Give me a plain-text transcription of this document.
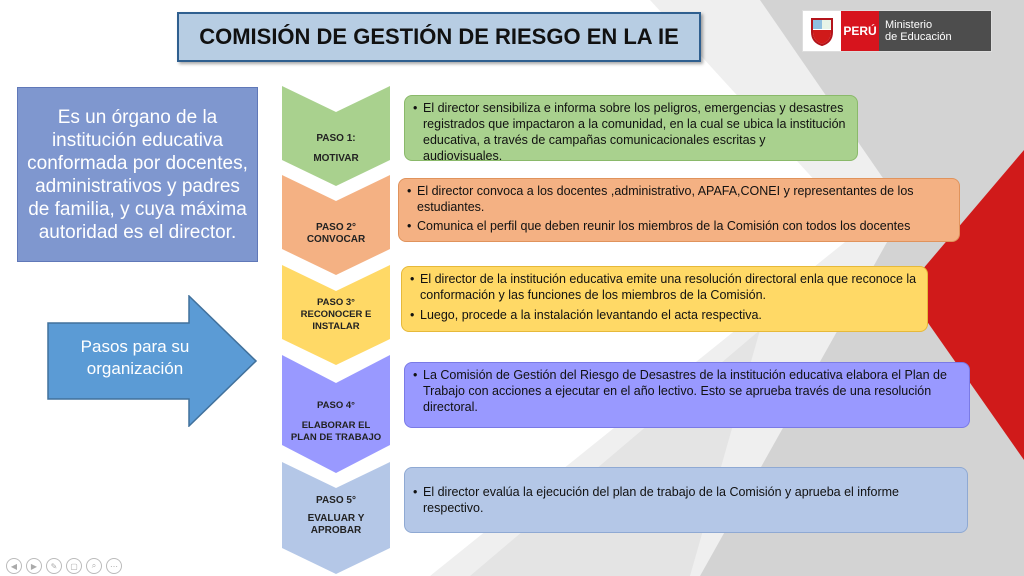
COMISIÓN DE GESTIÓN DE RIESGO EN LA IE	PERÚ Ministerio
de Educación
Es un órgano de la institución educativa conformada por docentes, administrativos y padres de familia, y cuya máxima autoridad es el director.
Pasos para su organización
PASO 1:
MOTIVAR
• El director sensibiliza e informa sobre los peligros, emergencias y desastres registrados que impactaron a la comunidad, en la cual se ubica la institución educativa, a través de campañas comunicacionales escritas y audiovisuales.
PASO 2°
CONVOCAR
• El director convoca a los docentes ,administrativo, APAFA,CONEI y representantes de los estudiantes.
• Comunica el perfil que deben reunir los miembros de la Comisión con todos los docentes
PASO 3°
RECONOCER E INSTALAR
• El director de la institución educativa emite una resolución directoral enla que reconoce la conformación y las funciones de los miembros de la Comisión.
• Luego, procede a la instalación levantando el acta respectiva.
PASO 4°
ELABORAR EL PLAN DE TRABAJO
• La Comisión de Gestión del Riesgo de Desastres de la institución educativa elabora el Plan de Trabajo con acciones a ejecutar en el año lectivo. Esto se aprueba través de una resolución directoral.
PASO 5°
EVALUAR Y APROBAR
• El director evalúa la ejecución del plan de trabajo de la Comisión y aprueba el informe respectivo.
◀	▶	✎	▢	⌕	⋯
